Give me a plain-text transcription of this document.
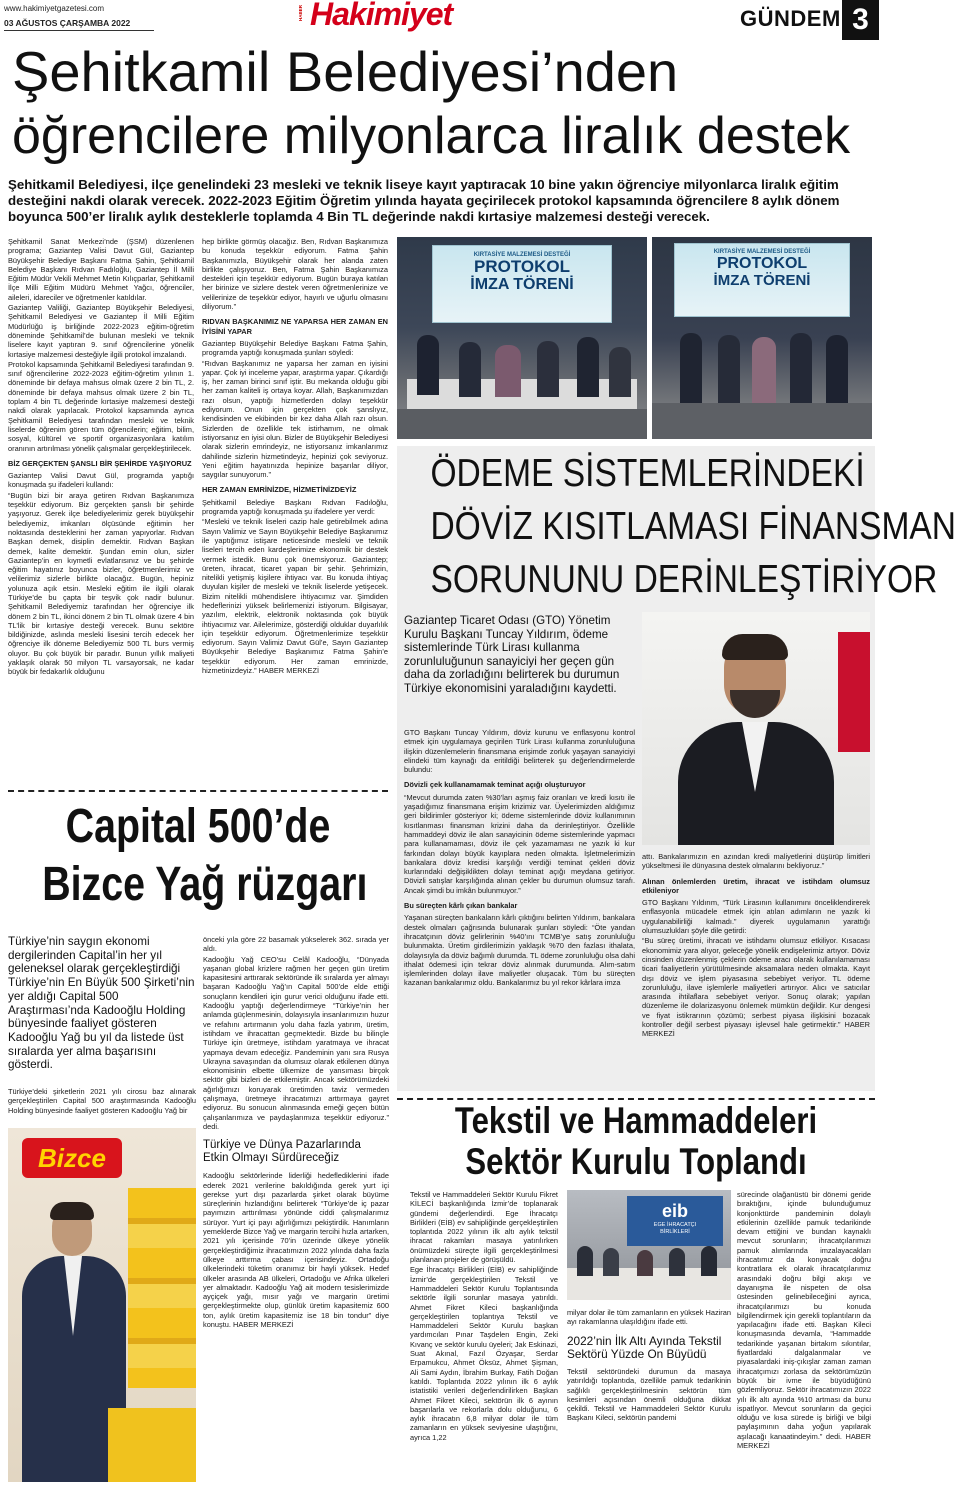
www.hakimiyetgazetesi.com
03 AĞUSTOS ÇARŞAMBA 2022
HABER Hakimiyet	GÜNDEM 3
Şehitkamil Belediyesi’nden
öğrencilere milyonlarca liralık destek
Şehitkamil Belediyesi, ilçe genelindeki 23 mesleki ve teknik liseye kayıt yaptıracak 10 bine yakın öğrenciye milyonlarca liralık eğitim desteğini nakdi olarak verecek. 2022-2023 Eğitim Öğretim yılında hayata geçirilecek protokol kapsamında öğrencilere 8 aylık dönem boyunca 500’er liralık aylık desteklerle toplamda 4 Bin TL değerinde nakdi kırtasiye malzemesi desteği verecek.

Şehitkamil Sanat Merkezi’nde (ŞSM) düzenlenen programa; Gaziantep Valisi Davut Gül, Gaziantep Büyükşehir Belediye Başkanı Fatma Şahin, Şehitkamil Belediye Başkanı Rıdvan Fadıloğlu, Gaziantep İl Milli Eğitim Müdür Vekili Mehmet Metin Kılıçparlar, Şehitkamil İlçe Milli Eğitim Müdürü Mehmet Yağcı, öğrenciler, aileleri, idareciler ve öğretmenler katıldılar.

Gaziantep Valiliği, Gaziantep Büyükşehir Belediyesi, Şehitkamil Belediyesi ve Gaziantep İl Milli Eğitim Müdürlüğü iş birliğinde 2022-2023 eğitim-öğretim döneminde Şehitkamil’de bulunan mesleki ve teknik liselere kayıt yaptıran 9. sınıf öğrencilerine yönelik kırtasiye malzemesi desteğiyle ilgili protokol imzalandı.

Protokol kapsamında Şehitkamil Belediyesi tarafından 9. sınıf öğrencilerine 2022-2023 eğitim-öğretim yılının 1. döneminde bir defaya mahsus olmak üzere 2 bin TL, 2. döneminde bir defaya mahsus olmak üzere 2 bin TL, toplam 4 bin TL değerinde kırtasiye malzemesi desteği nakdi olarak yapılacak. Protokol kapsamında ayrıca Şehitkamil Belediyesi tarafından mesleki ve teknik liselerde öğrenim gören tüm öğrencilerin; eğitim, bilim, sosyal, kültürel ve sportif organizasyonlara katılım oranının artırılması yönelik çalışmalar gerçekleştirilecek.

BİZ GERÇEKTEN ŞANSLI BİR ŞEHİRDE YAŞIYORUZ

Gaziantep Valisi Davut Gül, programda yaptığı konuşmada şu ifadeleri kullandı:

“Bugün bizi bir araya getiren Rıdvan Başkanımıza teşekkür ediyorum. Biz gerçekten şanslı bir şehirde yaşıyoruz. Gerek ilçe belediyelerimiz gerek büyükşehir belediyemiz, imkanları ölçüsünde eğitimin her noktasında desteklerini her zaman yapıyorlar. Rıdvan Başkan demek, disiplin demektir. Rıdvan Başkan demek, kalite demektir. Şundan emin olun, sizler Gaziantep’in en kıymetli evlatlarısınız ve bu şehirde eğitim hayatınız boyunca bizler, öğretmenlerimiz ve velilerimiz sizlerle birlikte olacağız. Bugün, hepiniz yolunuza açık etsin. Mesleki eğitim ile ilgili olarak Türkiye’de bu çapta bir teşvik çok nadir bulunur. Şehitkamil Belediyemiz tarafından her öğrenciye ilk dönem 2 bin TL, ikinci dönem 2 bin TL olmak üzere 4 bin TL’lik bir kırtasiye desteği verecek. Bunu sektöre bildiğinizde, aslında mesleki lisesini tercih edecek her öğrenciye ilk döneme Belediyemiz 500 TL burs vermiş oluyor. Bu çok büyük bir paradır. Bunun yıllık maliyeti yaklaşık olarak 50 milyon TL varsayorsak, ne kadar büyük bir fedakarlık olduğunu

hep birlikte görmüş olacağız. Ben, Rıdvan Başkanımıza bu konuda teşekkür ediyorum. Fatma Şahin Başkanımızla, Büyükşehir olarak her alanda zaten birlikte çalışıyoruz. Ben, Fatma Şahin Başkanımıza destekleri için teşekkür ediyorum. Bugün buraya katılan her birinize ve sizlere destek veren öğretmenlerinize ve velilerinize de teşekkür ediyor, hayırlı ve uğurlu olmasını diliyorum.”

RIDVAN BAŞKANIMIZ NE YAPARSA HER ZAMAN EN İYİSİNİ YAPAR

Gaziantep Büyükşehir Belediye Başkanı Fatma Şahin, programda yaptığı konuşmada şunları söyledi:

“Rıdvan Başkanımız ne yaparsa her zaman en iyisini yapar. Çok iyi inceleme yapar, araştırma yapar. Çıkardığı iş, her zaman birinci sınıf iştir. Bu mekanda olduğu gibi her zaman kaliteli iş ortaya koyar. Allah, Başkanımızdan razı olsun, yaptığı hizmetlerden dolayı teşekkür ediyorum. Onun için gerçekten çok şanslıyız, kendisinden ve ekibinden bir kez daha Allah razı olsun. Sizlerden de özellikle tek istirhamım, ne olmak istiyorsanız en iyisi olun. Bizler de Büyükşehir Belediyesi olarak sizlerin emrindeyiz, ne istiyorsanız imkanlarımız dahilinde sizlerin hizmetindeyiz, hepinizi çok seviyoruz. Yeni eğitim hayatınızda hepinize başarılar diliyor, saygılar sunuyorum.”

HER ZAMAN EMRİNİZDE, HİZMETİNİZDEYİZ

Şehitkamil Belediye Başkanı Rıdvan Fadıloğlu, programda yaptığı konuşmada şu ifadelere yer verdi:

“Mesleki ve teknik liseleri cazip hale getirebilmek adına Sayın Valimiz ve Sayın Büyükşehir Belediye Başkanımız ile yaptığımız istişare neticesinde mesleki ve teknik liseleri tercih eden kardeşlerimize ekonomik bir destek vermek istedik. Bunu çok önemsiyoruz. Gaziantep; üreten, ihracat, ticaret yapan bir şehir. Şehrimizin, nitelikli yetişmiş kişilere ihtiyacı var. Bu konuda ihtiyaç duyulan kişiler de mesleki ve teknik liselerde yetişecek. Bizim nitelikli mühendislere ihtiyacımız var. Şimdiden hedeflerinizi yüksek belirlemenizi istiyorum. Bilgisayar, yazılım, elektrik, elektronik noktasında çok büyük ihtiyacımız var. Ailelerimize, gösterdiği olduklar duyarlılık için teşekkür ediyorum. Öğretmenlerimize teşekkür ediyorum. Sayın Valimiz Davut Gül’e, Sayın Gaziantep Büyükşehir Belediye Başkanımız Fatma Şahin’e teşekkür ediyorum. Her zaman emrinizde, hizmetinizdeyiz.” HABER MERKEZİ

KIRTASİYE MALZEMESİ DESTEĞİ
PROTOKOL
İMZA TÖRENİ
KIRTASİYE MALZEMESİ DESTEĞİ
PROTOKOL
İMZA TÖRENİ
ÖDEME SİSTEMLERİNDEKİ
DÖVİZ KISITLAMASI FİNANSMAN
SORUNUNU DERİNLEŞTİRİYOR
Gaziantep Ticaret Odası (GTO) Yönetim Kurulu Başkanı Tuncay Yıldırım, ödeme sistemlerinde Türk Lirası kullanma zorunluluğunun sanayiciyi her geçen gün daha da zorladığını belirterek bu durumun Türkiye ekonomisini yaraladığını kaydetti.

GTO Başkanı Tuncay Yıldırım, döviz kurunu ve enflasyonu kontrol etmek için uygulamaya geçirilen Türk Lirası kullanma zorunluluğuna ilişkin düzenlemelerin finansmana erişimde zorluk yaşayan sanayiciyi elindeki tüm kaynağı da eritildiği belirterek şu değerlendirmelerde bulundu:

Dövizli çek kullanamamak teminat açığı oluşturuyor

“Mevcut durumda zaten %30’ları aşmış faiz oranları ve kredi kısıtı ile yaşadığımız finansmana erişim krizimiz var. Üyelerimizden aldığımız geri bildirimler gösteriyor ki; ödeme sistemlerinde döviz kullanımının kısıtlanması finansman krizini daha da derinleştiriyor. Özellikle hammaddeyi döviz ile alan sanayicinin ödeme sistemlerinde yapmacı para kullanamaması, döviz ile çek yazamaması ne yazık ki kur farkından dolayı büyük kayıplara neden olmakta. İşletmelerimizin bankalara döviz kredisi karşılığı verdiği teminat çekleri döviz kurlarındaki değişiklikten dolayı teminat açığı meydana getiriyor. Dövizli satışlar karşılığında alınan çekler bu durumun olumsuz tarafı. Ancak şimdi bu imkân bulunmuyor.”

Bu süreçten kârlı çıkan bankalar

Yaşanan süreçten bankaların kârlı çıktığını belirten Yıldırım, bankalara destek olmaları çağrısında bulunarak şunları söyledi: “Öte yandan ihracatçının döviz gelirlerinin %40’ını TCMB’ye satış zorunluluğu bulunmakta. Üretim girdilerimizin yaklaşık %70 den fazlası ithalata, dolayısıyla da döviz bağımlı durumda. TL ödeme zorunluluğu olsa dahi ithalat ödemesi için tekrar döviz alınmak durumunda. Alım-satım işlemlerinden dolayı ilave maliyetler oluşacak. Tüm bu süreçten kazanan bankalarımız oldu. Bankalarımız bu yıl rekor kârlara imza

attı. Bankalarımızın en azından kredi maliyetlerini düşürüp limitleri yükseltmesi ile dünyasına destek olmalarını bekliyoruz.”

Alınan önlemlerden üretim, ihracat ve istihdam olumsuz etkileniyor

GTO Başkanı Yıldırım, “Türk Lirasının kullanımını önceliklendirerek enflasyonla mücadele etmek için atılan adımların ne yazık ki uygulanabilirliği kalmadı.” diyerek uygulamanın yarattığı olumsuzlukları şöyle dile getirdi:

“Bu süreç üretimi, ihracatı ve istihdamı olumsuz etkiliyor. Kısacası ekonomimiz yara alıyor, geleceğe yönelik endişelerimiz artıyor. Döviz cinsinden düzenlenmiş çeklerin ödeme aracı olarak kullanılamaması ticari faaliyetlerin yürütülmesinde aksamalara neden olmakta. Kayıt dışı döviz ve işlem piyasasına sebebiyet veriyor. TL ödeme zorunluluğu, ilave işlemlerle maliyetleri artırıyor. Alıcı ve satıcılar arasında ihtilaflara sebebiyet veriyor. Sonuç olarak; yapılan düzenleme ile dolarizasyonu önlemek mümkün değildir. Kur dengesi ve fiyat istikrarının çözümü; serbest piyasa ilişkisini bozacak kontroller değil serbest piyasayı işlevsel hale getirmektir.” HABER MERKEZİ

Capital 500’de
Bizce Yağ rüzgarı
Türkiye’nin saygın ekonomi dergilerinden Capital’in her yıl geleneksel olarak gerçekleştirdiği Türkiye’nin En Büyük 500 Şirketi’nin yer aldığı Capital 500 Araştırması’nda Kadooğlu Holding bünyesinde faaliyet gösteren Kadooğlu Yağ bu yıl da listede üst sıralarda yer alma başarısını gösterdi.

Türkiye’deki şirketlerin 2021 yılı cirosu baz alınarak gerçekleştirilen Capital 500 araştırmasında Kadooğlu Holding bünyesinde faaliyet gösteren Kadooğlu Yağ bir

Bizce

önceki yıla göre 22 basamak yükselerek 362. sırada yer aldı.

Kadooğlu Yağ CEO’su Celâl Kadooğlu, “Dünyada yaşanan global krizlere rağmen her geçen gün üretim kapasitesini arttırarak sektöründe ilk sıralarda yer almayı başaran Kadooğlu Yağ’ın Capital 500’de elde ettiği sonuçların kendileri için gurur verici olduğunu ifade etti. Kadooğlu yaptığı değerlendirmeye “Türkiye’nin her anlamda güçlenmesinin, dolayısıyla insanlarımızın huzur ve refahını artırmanın yolu daha fazla yatırım, üretim, istihdam ve ihracattan geçmektedir. Bizde bu bilinçle Türkiye için üretmeye, istihdam yaratmaya ve ihracat yapmaya devam edeceğiz. Pandeminin yanı sıra Rusya Ukrayna savaşından da olumsuz olarak etkilenen dünya ekonomisinin elbette ülkemize de yansıması birçok sektör gibi bizleri de etkilemiştir. Ancak sektörümüzdeki ağırlığımızı koruyarak üretimden taviz vermeden çalışmaya, üretmeye ihracatımızı arttırmaya gayret ediyoruz. Bu sonucun alınmasında emeği geçen bütün çalışanlarımıza ve paydaşlarımıza teşekkür ediyoruz.” dedi.

Türkiye ve Dünya Pazarlarında Etkin Olmayı Sürdüreceğiz

Kadooğlu sektörlerinde liderliği hedeflediklerini ifade ederek 2021 verilerine bakıldığında gerek yurt içi gerekse yurt dışı pazarlarda şirket olarak büyüme süreçlerinin hızlandığını belirterek “Türkiye’de iç pazar payımızın arttırılması yönünde ciddi çalışmalarımız sürüyor. Yurt içi payı ağırlığımızı pekiştirdik. Hanımların yemeklerde Bizce Yağ ve margarin tercihi hızla artarken, 2021 yılı içerisinde 70’in üzerinde ülkeye yönelik gerçekleştirdiğimiz ihracatımızın 2022 yılında daha fazla ülkeye arttırma çabası içerisindeyiz. Ortadoğu ülkelerindeki tüketim oranımız bir hayli yüksek. Hedef ülkeler arasında AB ülkeleri, Ortadoğu ve Afrika ülkeleri yer almaktadır. Kadooğlu Yağ ait modern tesislerimizde ayçiçek yağı, mısır yağı ve margarin üretimi gerçekleştirmekte olup, günlük üretim kapasitemiz 600 ton, aylık üretim kapasitemiz ise 18 bin tondur” diye konuştu. HABER MERKEZİ

Tekstil ve Hammaddeleri
Sektör Kurulu Toplandı

Tekstil ve Hammaddeleri Sektör Kurulu Fikret KİLECİ başkanlığında İzmir’de toplanarak gündemi değerlendirdi. Ege İhracatçı Birlikleri (EİB) ev sahipliğinde gerçekleştirilen toplantıda 2022 yılının ilk altı aylık tekstil ihracat rakamları masaya yatırılırken önümüzdeki süreçte ilgili gerçekleştirilmesi planlanan projeler de görüşüldü.

Ege İhracatçı Birlikleri (EİB) ev sahipliğinde İzmir’de gerçekleştirilen Tekstil ve Hammaddeleri Sektör Kurulu Toplantısında sektörle ilgili sorunlar masaya yatırıldı. Ahmet Fikret Kileci başkanlığında gerçekleştirilen toplantıya Tekstil ve Hammaddeleri Sektör Kurulu başkan yardımcıları Pınar Taşdelen Engin, Zeki Kıvanç ve sektör kurulu üyeleri; Jak Eskinazi, Suat Akınal, Fazıl Özyaşar, Serdar Erpamukcu, Ahmet Öksüz, Ahmet Şişman, Ali Sami Aydın, İbrahim Burkay, Fatih Doğan katıldı. Toplantıda 2022 yılının ilk 6 aylık istatistiki verileri değerlendirilirken Başkan Ahmet Fikret Kileci, sektörün ilk 6 ayının başarılarla ve rekorlarla dolu olduğunu, 6 aylık ihracatın 6,8 milyar dolar ile tüm zamanların en yüksek seviyesine ulaştığını, ayrıca 1,22

eib
EGE İHRACATÇI
BİRLİKLERİ

milyar dolar ile tüm zamanların en yüksek Haziran ayı rakamlarına ulaşıldığını ifade etti.

2022’nin İlk Altı Ayında Tekstil Sektörü Yüzde On Büyüdü

Tekstil sektöründeki durumun da masaya yatırıldığı toplantıda, özellikle pamuk tedarikinin sağlıklı gerçekleştirilmesinin sektörün tüm kesimleri açısından önemli olduğuna dikkat çekildi. Tekstil ve Hammaddeleri Sektör Kurulu Başkanı Kileci, sektörün pandemi

sürecinde olağanüstü bir dönemi geride bıraktığını, içinde bulunduğumuz konjonktürde pandeminin dolaylı etkilerinin özellikle pamuk tedarikinde devam ettiğini ve bundan kaynaklı mevcut sorunların; ihracatçılarımızı pamuk alımlarında imzalayacakları ihracatımız da konyacak doğru kontratlara ek olarak ihracatçılarımız arasındaki doğru bilgi akışı ve dayanışma ile nispeten de olsa üstesinden gelinebileceğini ayrıca, ihracatçılarımızı bu konuda bilgilendirmek için gerekli toplantıların da yapılacağını ifade etti. Başkan Kileci konuşmasında devamla, “Hammadde tedarikinde yaşanan birtakım sıkıntılar, fiyatlardaki dalgalanmalar ve piyasalardaki iniş-çıkışlar zaman zaman ihracatçımızı zorlasa da sektörümüzün büyük bir ivme ile büyüdüğünü gözlemliyoruz. Sektör ihracatımızın 2022 yılı ilk altı ayında %10 artması da bunu ispatlıyor. Mevcut sorunların da geçici olduğu ve kısa sürede iş birliği ve bilgi paylaşımının daha yoğun yapılarak aşılacağı kanaatindeyim.” dedi. HABER MERKEZİ
